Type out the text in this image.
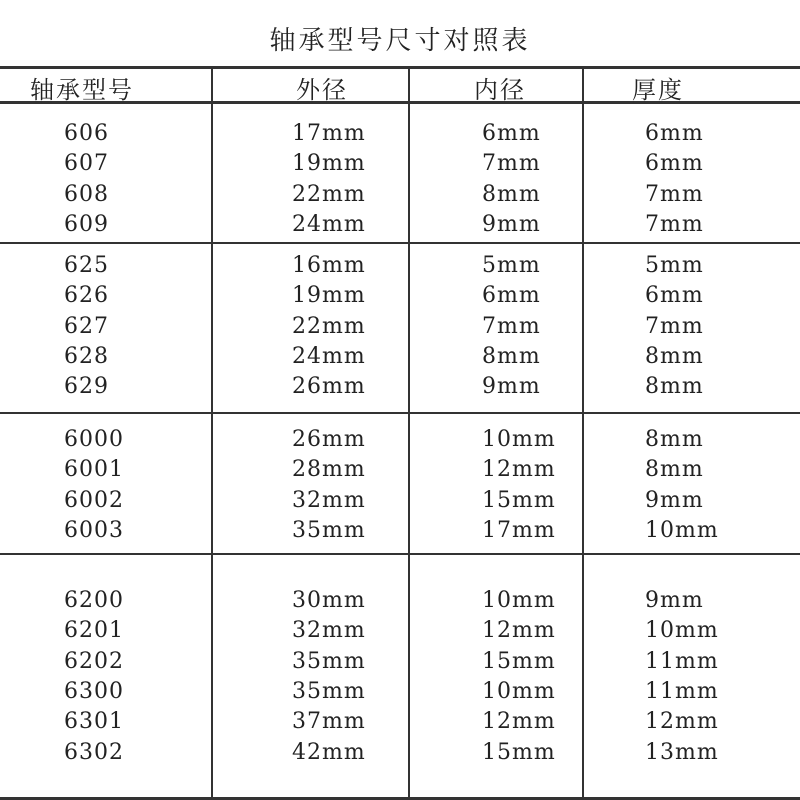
轴承型号尺寸对照表
轴承型号	外径	内径	厚度
606	17mm	6mm	6mm
607	19mm	7mm	6mm
608	22mm	8mm	7mm
609	24mm	9mm	7mm
625	16mm	5mm	5mm
626	19mm	6mm	6mm
627	22mm	7mm	7mm
628	24mm	8mm	8mm
629	26mm	9mm	8mm
6000	26mm	10mm	8mm
6001	28mm	12mm	8mm
6002	32mm	15mm	9mm
6003	35mm	17mm	10mm
6200	30mm	10mm	9mm
6201	32mm	12mm	10mm
6202	35mm	15mm	11mm
6300	35mm	10mm	11mm
6301	37mm	12mm	12mm
6302	42mm	15mm	13mm
